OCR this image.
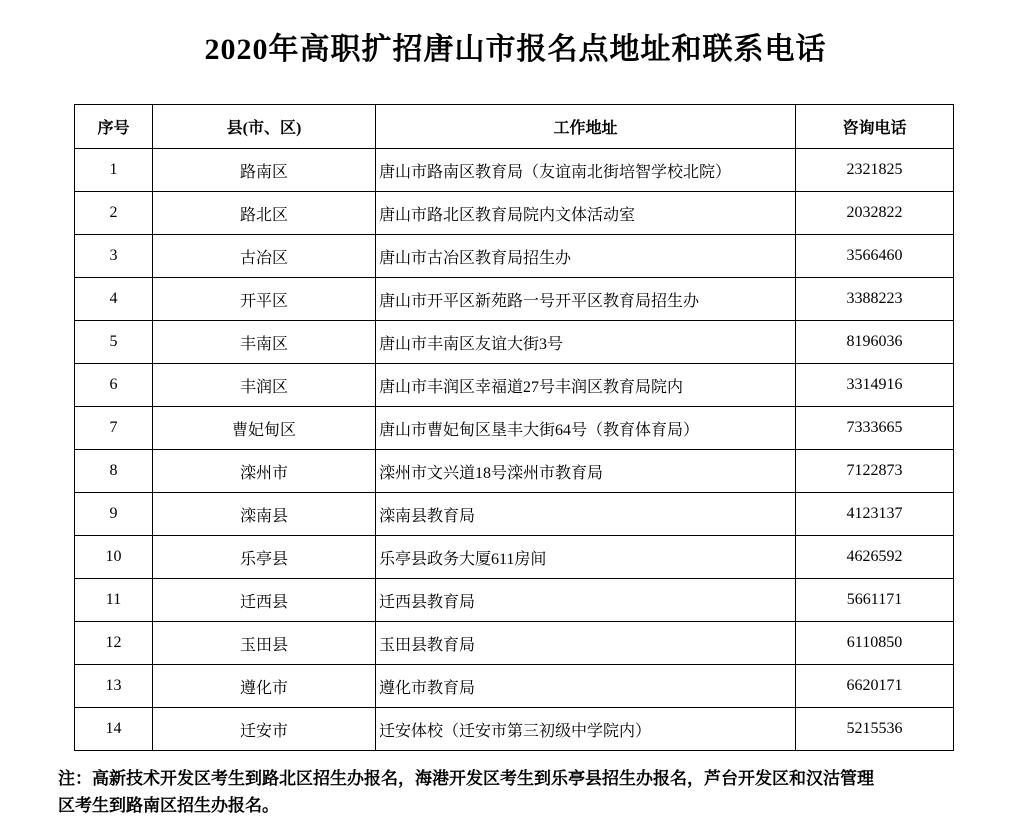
2020年高职扩招唐山市报名点地址和联系电话
序号	县(市、区)	工作地址	咨询电话
1	路南区	唐山市路南区教育局（友谊南北街培智学校北院）	2321825
2	路北区	唐山市路北区教育局院内文体活动室	2032822
3	古冶区	唐山市古冶区教育局招生办	3566460
4	开平区	唐山市开平区新苑路一号开平区教育局招生办	3388223
5	丰南区	唐山市丰南区友谊大街3号	8196036
6	丰润区	唐山市丰润区幸福道27号丰润区教育局院内	3314916
7	曹妃甸区	唐山市曹妃甸区垦丰大街64号（教育体育局）	7333665
8	滦州市	滦州市文兴道18号滦州市教育局	7122873
9	滦南县	滦南县教育局	4123137
10	乐亭县	乐亭县政务大厦611房间	4626592
11	迁西县	迁西县教育局	5661171
12	玉田县	玉田县教育局	6110850
13	遵化市	遵化市教育局	6620171
14	迁安市	迁安体校（迁安市第三初级中学院内）	5215536
注：高新技术开发区考生到路北区招生办报名，海港开发区考生到乐亭县招生办报名，芦台开发区和汉沽管理
区考生到路南区招生办报名。
